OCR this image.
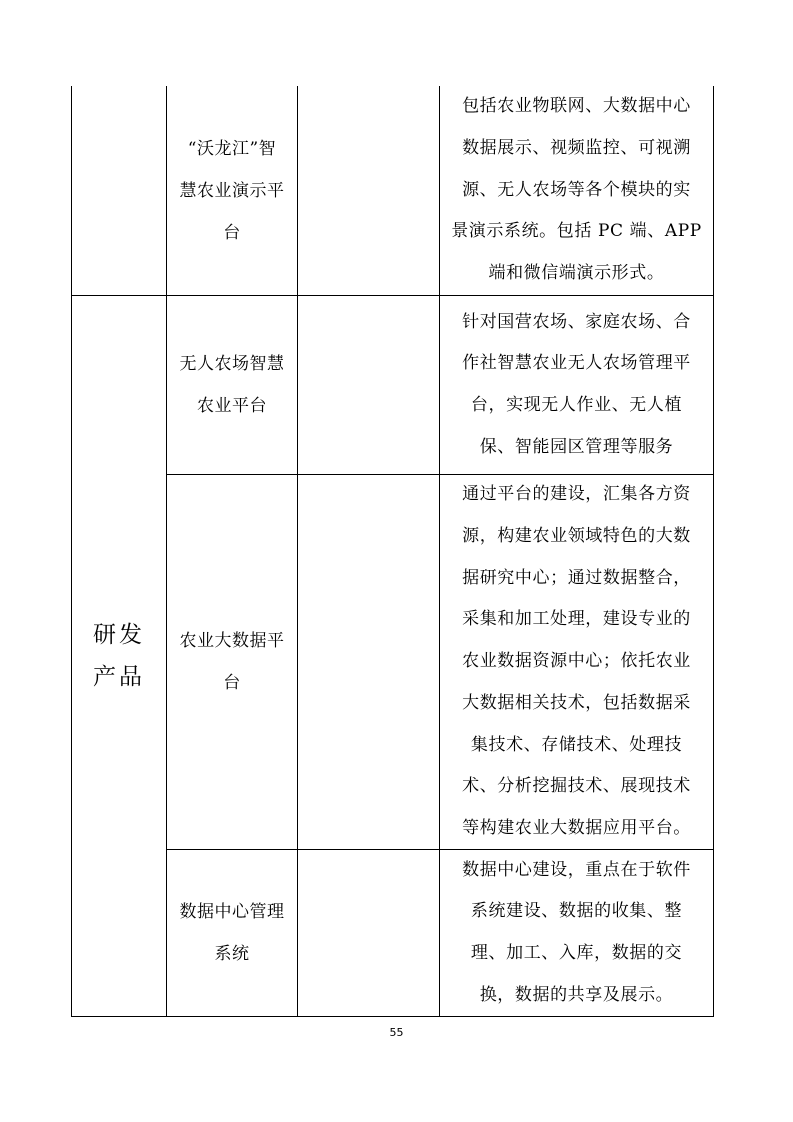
研发
产品
“沃龙江”智
慧农业演示平
台
包括农业物联网、大数据中心
数据展示、视频监控、可视溯
源、无人农场等各个模块的实
景演示系统。包括 PC 端、APP
端和微信端演示形式。
无人农场智慧
农业平台
针对国营农场、家庭农场、合
作社智慧农业无人农场管理平
台，实现无人作业、无人植
保、智能园区管理等服务
农业大数据平
台
通过平台的建设，汇集各方资
源，构建农业领域特色的大数
据研究中心；通过数据整合，
采集和加工处理，建设专业的
农业数据资源中心；依托农业
大数据相关技术，包括数据采
集技术、存储技术、处理技
术、分析挖掘技术、展现技术
等构建农业大数据应用平台。
数据中心管理
系统
数据中心建设，重点在于软件
系统建设、数据的收集、整
理、加工、入库，数据的交
换，数据的共享及展示。
55
